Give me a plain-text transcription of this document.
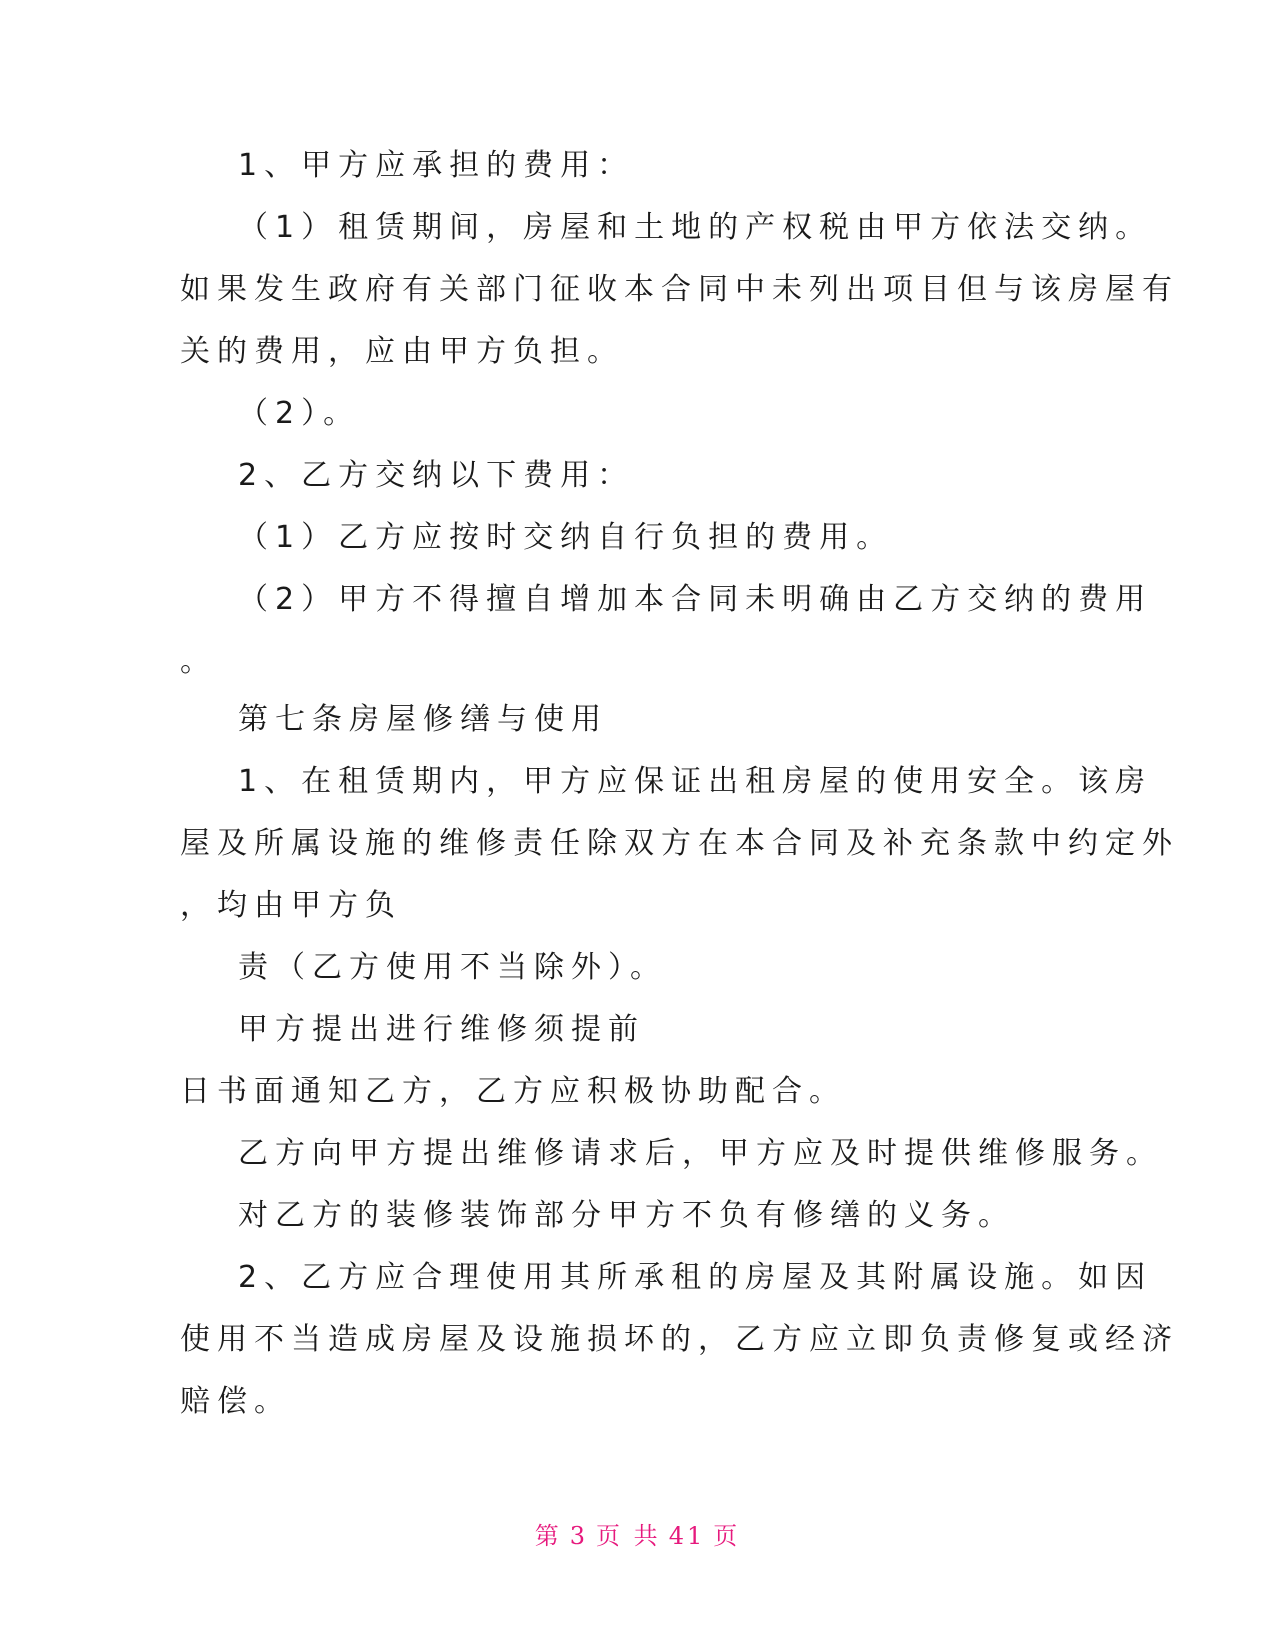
1、甲方应承担的费用：
（1）租赁期间，房屋和土地的产权税由甲方依法交纳。
如果发生政府有关部门征收本合同中未列出项目但与该房屋有
关的费用，应由甲方负担。
（2）。
2、乙方交纳以下费用：
（1）乙方应按时交纳自行负担的费用。
（2）甲方不得擅自增加本合同未明确由乙方交纳的费用
。
第七条房屋修缮与使用
1、在租赁期内，甲方应保证出租房屋的使用安全。该房
屋及所属设施的维修责任除双方在本合同及补充条款中约定外
，均由甲方负
责（乙方使用不当除外）。
甲方提出进行维修须提前
日书面通知乙方，乙方应积极协助配合。
乙方向甲方提出维修请求后，甲方应及时提供维修服务。
对乙方的装修装饰部分甲方不负有修缮的义务。
2、乙方应合理使用其所承租的房屋及其附属设施。如因
使用不当造成房屋及设施损坏的，乙方应立即负责修复或经济
赔偿。
第 3 页 共 41 页
